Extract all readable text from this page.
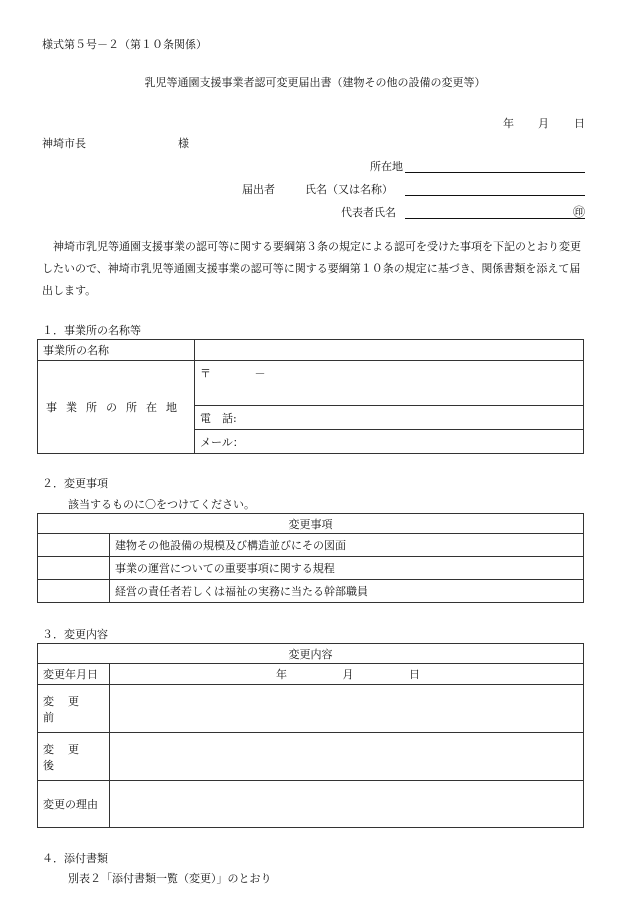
様式第５号－２（第１０条関係）
乳児等通園支援事業者認可変更届出書（建物その他の設備の変更等）
年 月 日
神埼市長	様
所在地
届出者	氏名（又は名称）
代表者氏名	㊞
神埼市乳児等通園支援事業の認可等に関する要綱第３条の規定による認可を受けた事項を下記のとおり変更したいので、神埼市乳児等通園支援事業の認可等に関する要綱第１０条の規定に基づき、関係書類を添えて届出します。
１．事業所の名称等
事業所の名称	
事業所の所在地	〒 －
	電　話:
	メール：
２．変更事項
該当するものに〇をつけてください。
変更事項	
	建物その他設備の規模及び構造並びにその図面
	事業の運営についての重要事項に関する規程
	経営の責任者若しくは福祉の実務に当たる幹部職員
３．変更内容
変更内容	
変更年月日	年 月 日
変更前	
変更後	
変更の理由	
４．添付書類
別表２「添付書類一覧（変更）」のとおり
